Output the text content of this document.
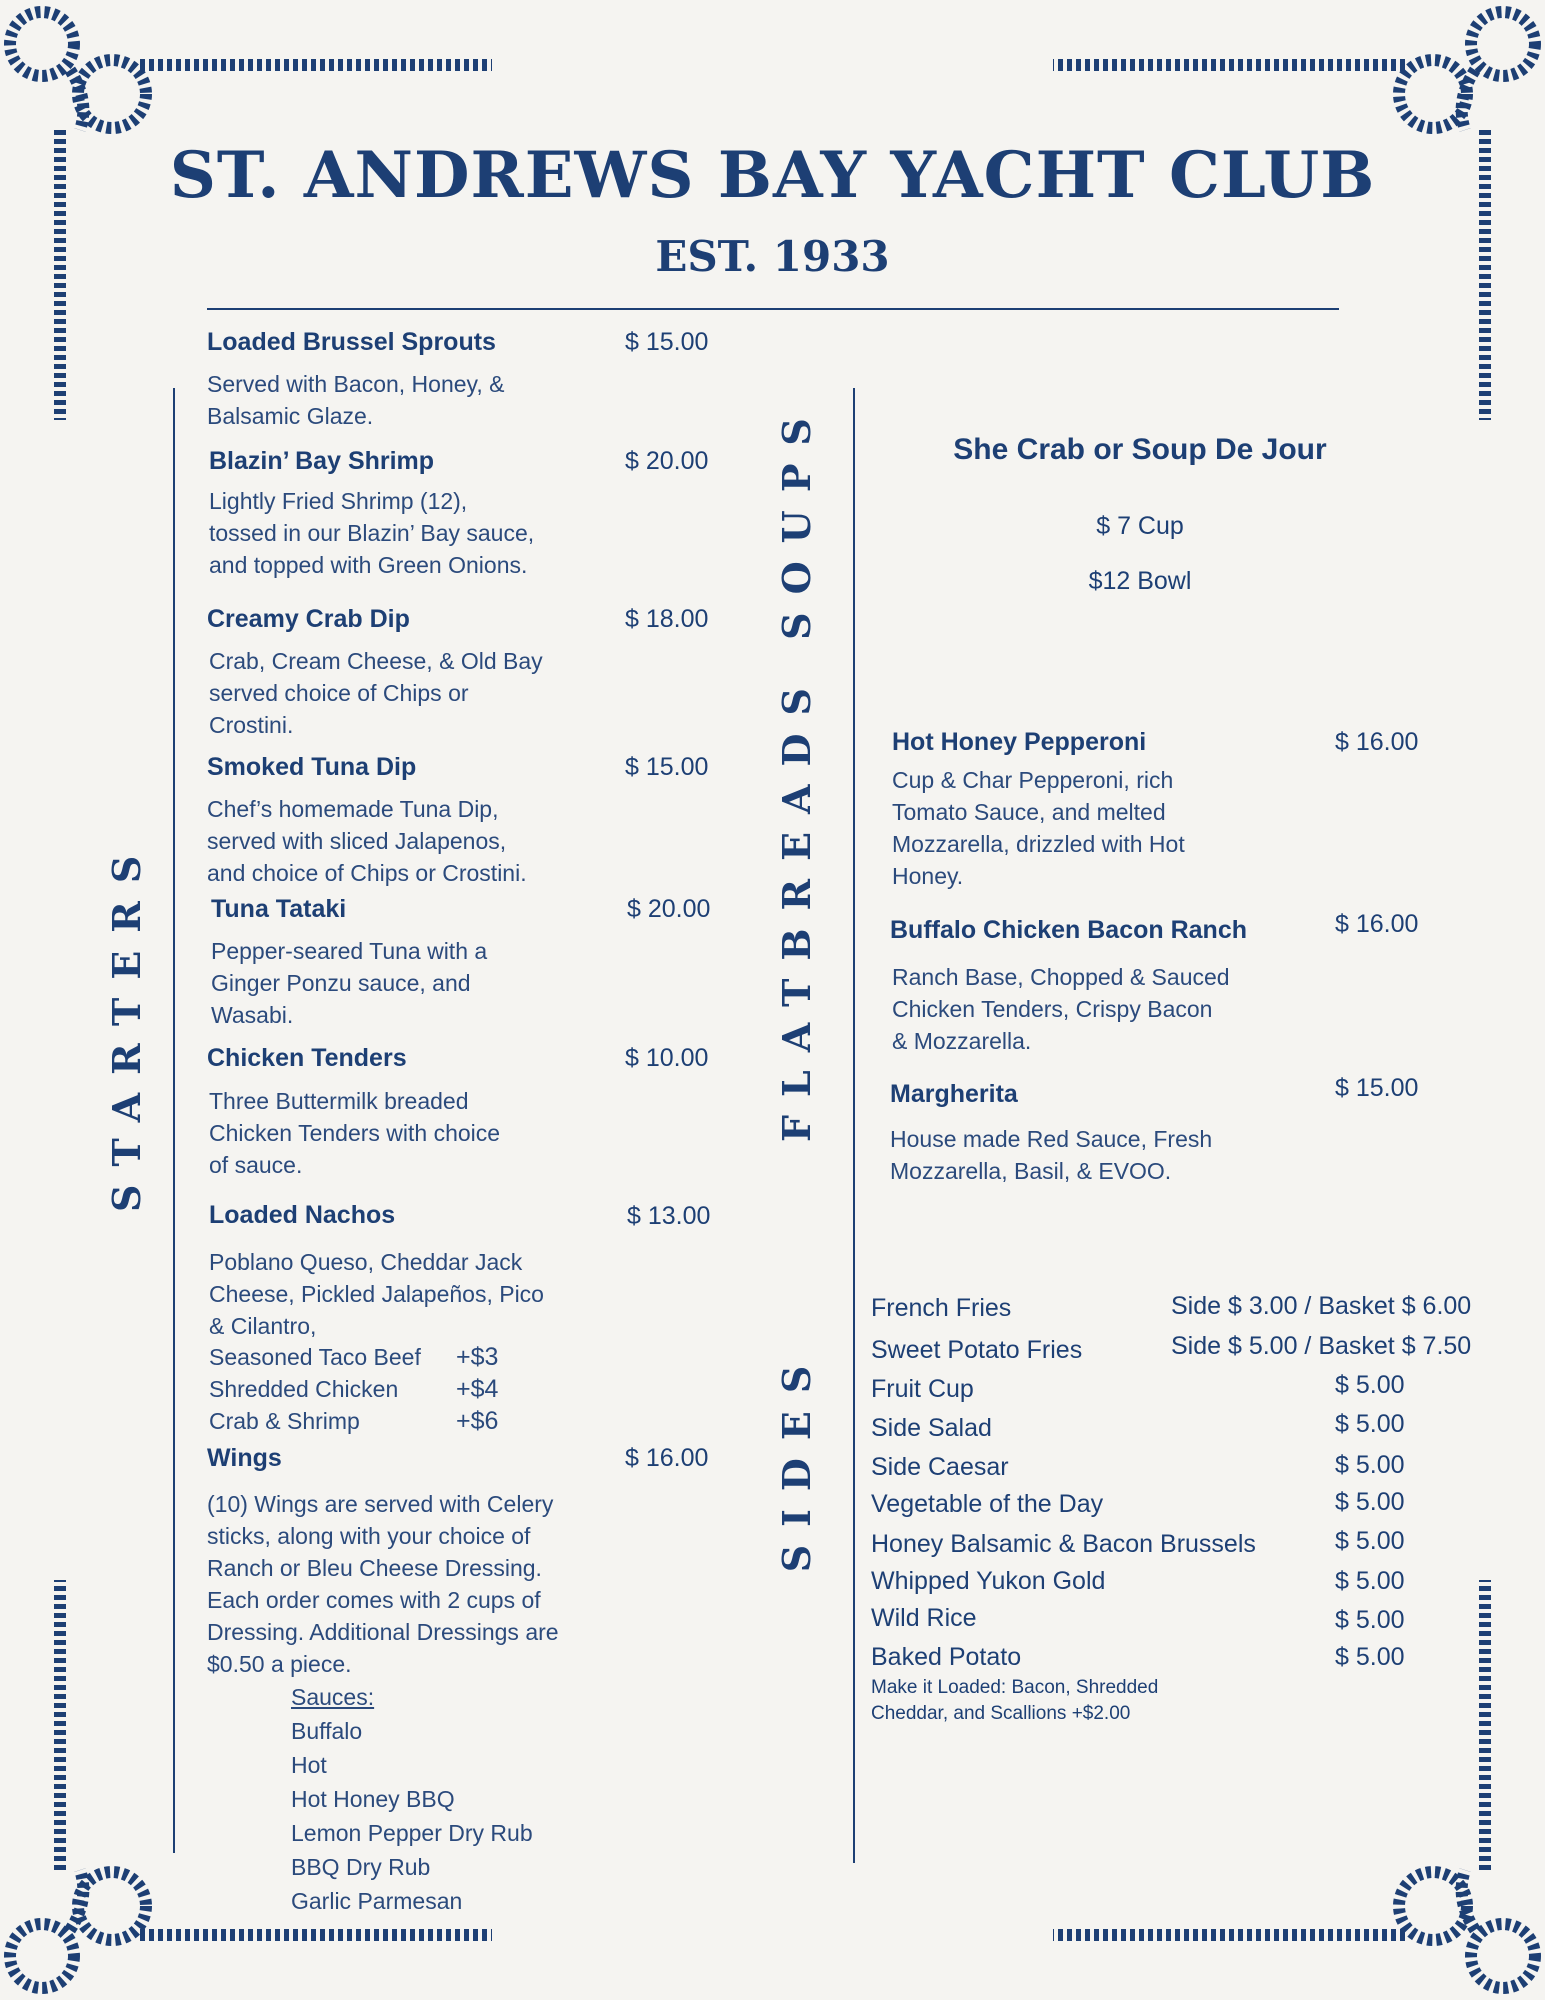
ST. ANDREWS BAY YACHT CLUB
EST. 1933
STARTERS
SOUPS
FLATBREADS
SIDES
Loaded Brussel Sprouts	$ 15.00
Served with Bacon, Honey, &
Balsamic Glaze.
Blazin’ Bay Shrimp	$ 20.00
Lightly Fried Shrimp (12),
tossed in our Blazin’ Bay sauce,
and topped with Green Onions.
Creamy Crab Dip	$ 18.00
Crab, Cream Cheese, & Old Bay
served choice of Chips or
Crostini.
Smoked Tuna Dip	$ 15.00
Chef’s homemade Tuna Dip,
served with sliced Jalapenos,
and choice of Chips or Crostini.
Tuna Tataki	$ 20.00
Pepper-seared Tuna with a
Ginger Ponzu sauce, and
Wasabi.
Chicken Tenders	$ 10.00
Three Buttermilk breaded
Chicken Tenders with choice
of sauce.
Loaded Nachos	$ 13.00
Poblano Queso, Cheddar Jack
Cheese, Pickled Jalapeños, Pico
& Cilantro,
Seasoned Taco Beef	+$3
Shredded Chicken	+$4
Crab & Shrimp	+$6
Wings	$ 16.00
(10) Wings are served with Celery
sticks, along with your choice of
Ranch or Bleu Cheese Dressing.
Each order comes with 2 cups of
Dressing. Additional Dressings are
$0.50 a piece.
Sauces:
Buffalo
Hot
Hot Honey BBQ
Lemon Pepper Dry Rub
BBQ Dry Rub
Garlic Parmesan
She Crab or Soup De Jour
$ 7 Cup
$12 Bowl
Hot Honey Pepperoni	$ 16.00
Cup & Char Pepperoni, rich
Tomato Sauce, and melted
Mozzarella, drizzled with Hot
Honey.
Buffalo Chicken Bacon Ranch	$ 16.00
Ranch Base, Chopped & Sauced
Chicken Tenders, Crispy Bacon
& Mozzarella.
Margherita	$ 15.00
House made Red Sauce, Fresh
Mozzarella, Basil, & EVOO.
French Fries	Side $ 3.00 / Basket $ 6.00
Sweet Potato Fries	Side $ 5.00 / Basket $ 7.50
Fruit Cup	$ 5.00
Side Salad	$ 5.00
Side Caesar	$ 5.00
Vegetable of the Day	$ 5.00
Honey Balsamic & Bacon Brussels	$ 5.00
Whipped Yukon Gold	$ 5.00
Wild Rice	$ 5.00
Baked Potato	$ 5.00
Make it Loaded: Bacon, Shredded
Cheddar, and Scallions +$2.00
